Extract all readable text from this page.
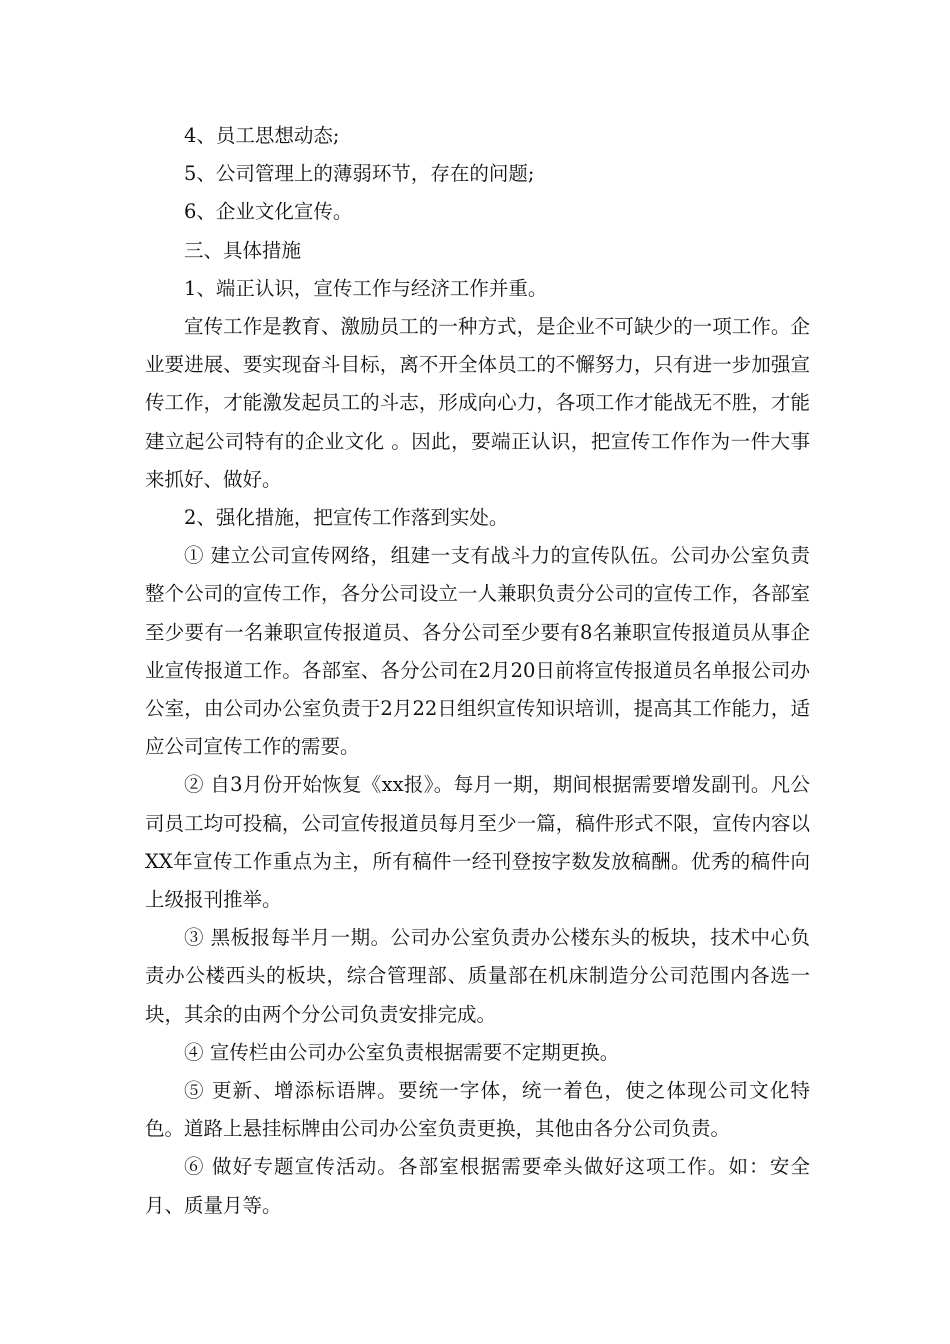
4、员工思想动态;

5、公司管理上的薄弱环节，存在的问题;

6、企业文化宣传。

三、具体措施

1、端正认识，宣传工作与经济工作并重。

宣传工作是教育、激励员工的一种方式，是企业不可缺少的一项工作。企业要进展、要实现奋斗目标，离不开全体员工的不懈努力，只有进一步加强宣传工作，才能激发起员工的斗志，形成向心力，各项工作才能战无不胜，才能建立起公司特有的企业文化 。因此，要端正认识，把宣传工作作为一件大事来抓好、做好。

2、强化措施，把宣传工作落到实处。

① 建立公司宣传网络，组建一支有战斗力的宣传队伍。公司办公室负责整个公司的宣传工作，各分公司设立一人兼职负责分公司的宣传工作，各部室至少要有一名兼职宣传报道员、各分公司至少要有8名兼职宣传报道员从事企业宣传报道工作。各部室、各分公司在2月20日前将宣传报道员名单报公司办公室，由公司办公室负责于2月22日组织宣传知识培训，提高其工作能力，适应公司宣传工作的需要。

② 自3月份开始恢复《xx报》。每月一期，期间根据需要增发副刊。凡公司员工均可投稿，公司宣传报道员每月至少一篇，稿件形式不限，宣传内容以XX年宣传工作重点为主，所有稿件一经刊登按字数发放稿酬。优秀的稿件向上级报刊推举。

③ 黑板报每半月一期。公司办公室负责办公楼东头的板块，技术中心负责办公楼西头的板块，综合管理部、质量部在机床制造分公司范围内各选一块，其余的由两个分公司负责安排完成。

④ 宣传栏由公司办公室负责根据需要不定期更换。

⑤ 更新、增添标语牌。要统一字体，统一着色，使之体现公司文化特色。道路上悬挂标牌由公司办公室负责更换，其他由各分公司负责。

⑥ 做好专题宣传活动。各部室根据需要牵头做好这项工作。如：安全月、质量月等。
